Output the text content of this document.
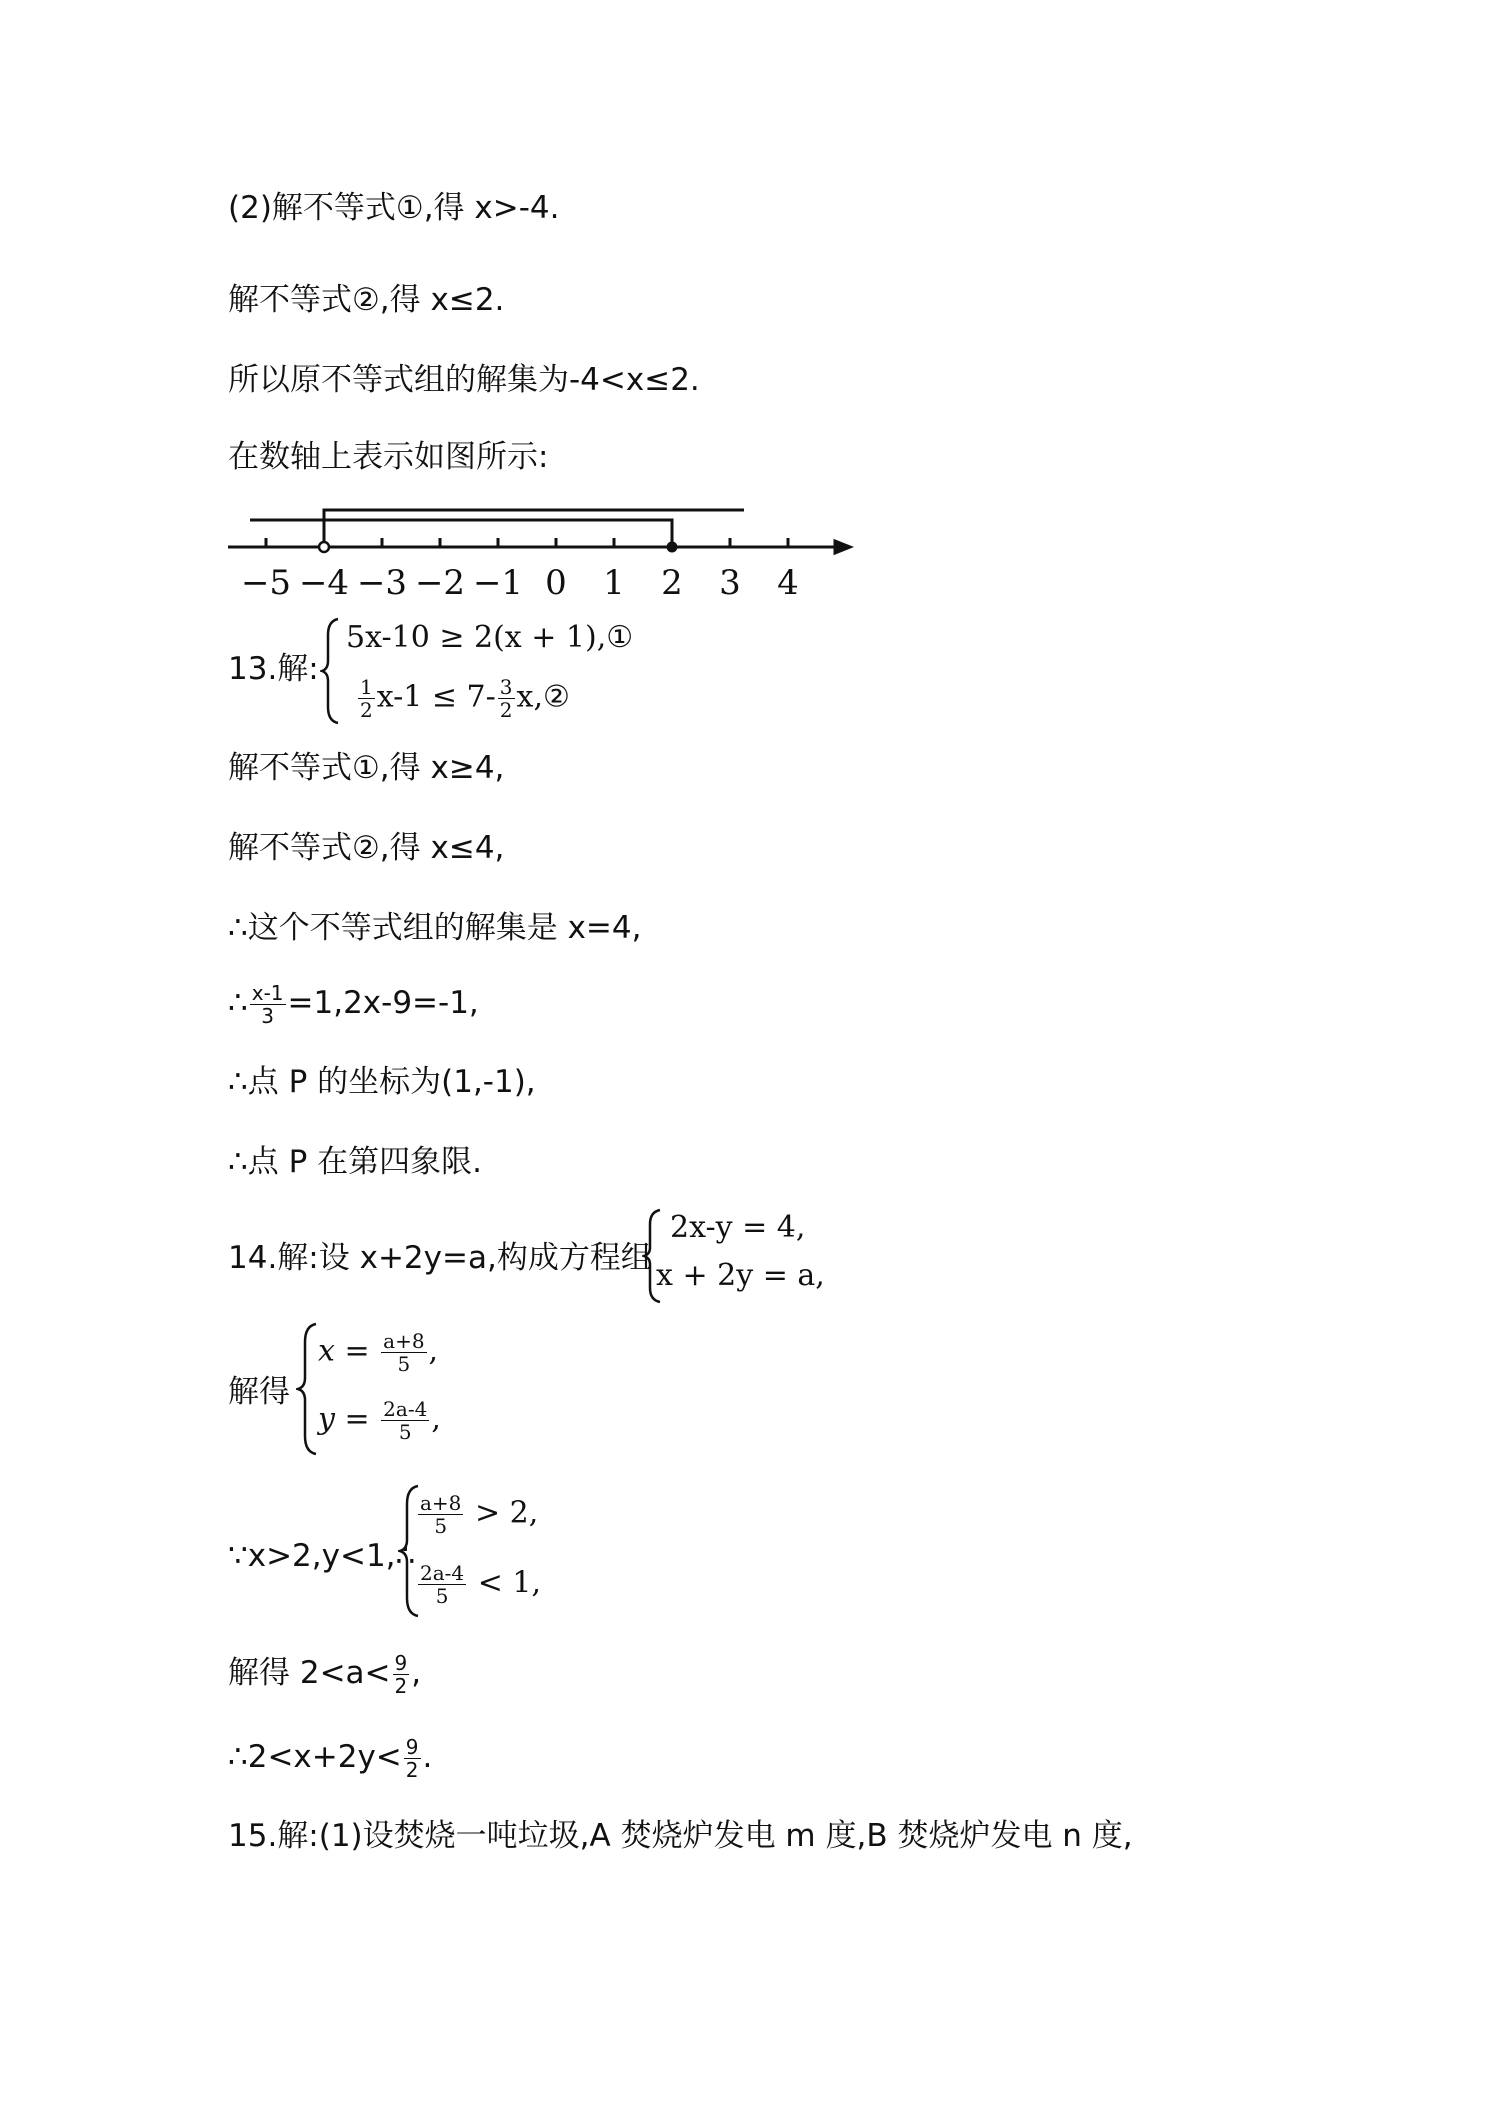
(2)解不等式①,得 x>-4.
解不等式②,得 x≤2.
所以原不等式组的解集为-4<x≤2.
在数轴上表示如图所示:
−5 −4 −3 −2 −1 0 1 2 3 4
13.解:
5x-10 ≥ 2(x + 1),①
$\frac{1}{2} x-1 \le 7- \frac{3}{2}$ x,②
解不等式①,得 x≥4,
解不等式②,得 x≤4,
∴这个不等式组的解集是 x=4,
∴ $\frac{x-1}{3} =1,2x-9=-1$,
∴点 P 的坐标为(1,-1),
∴点 P 在第四象限.
14.解:设 x+2y=a,构成方程组
2x-y = 4,
x + 2y = a,
解得
$x = \frac{a+8}{5}$ ,
$y = \frac{2a-4}{5}$ ,
∵x>2,y<1,∴
$\frac{a+8}{5} > 2$,
$\frac{2a-4}{5} < 1$,
解得 $2<a< \frac{9}{2}$ ,
∴2<x+2y< $\frac{9}{2}$ .
15.解:(1)设焚烧一吨垃圾,A 焚烧炉发电 m 度,B 焚烧炉发电 n 度,
